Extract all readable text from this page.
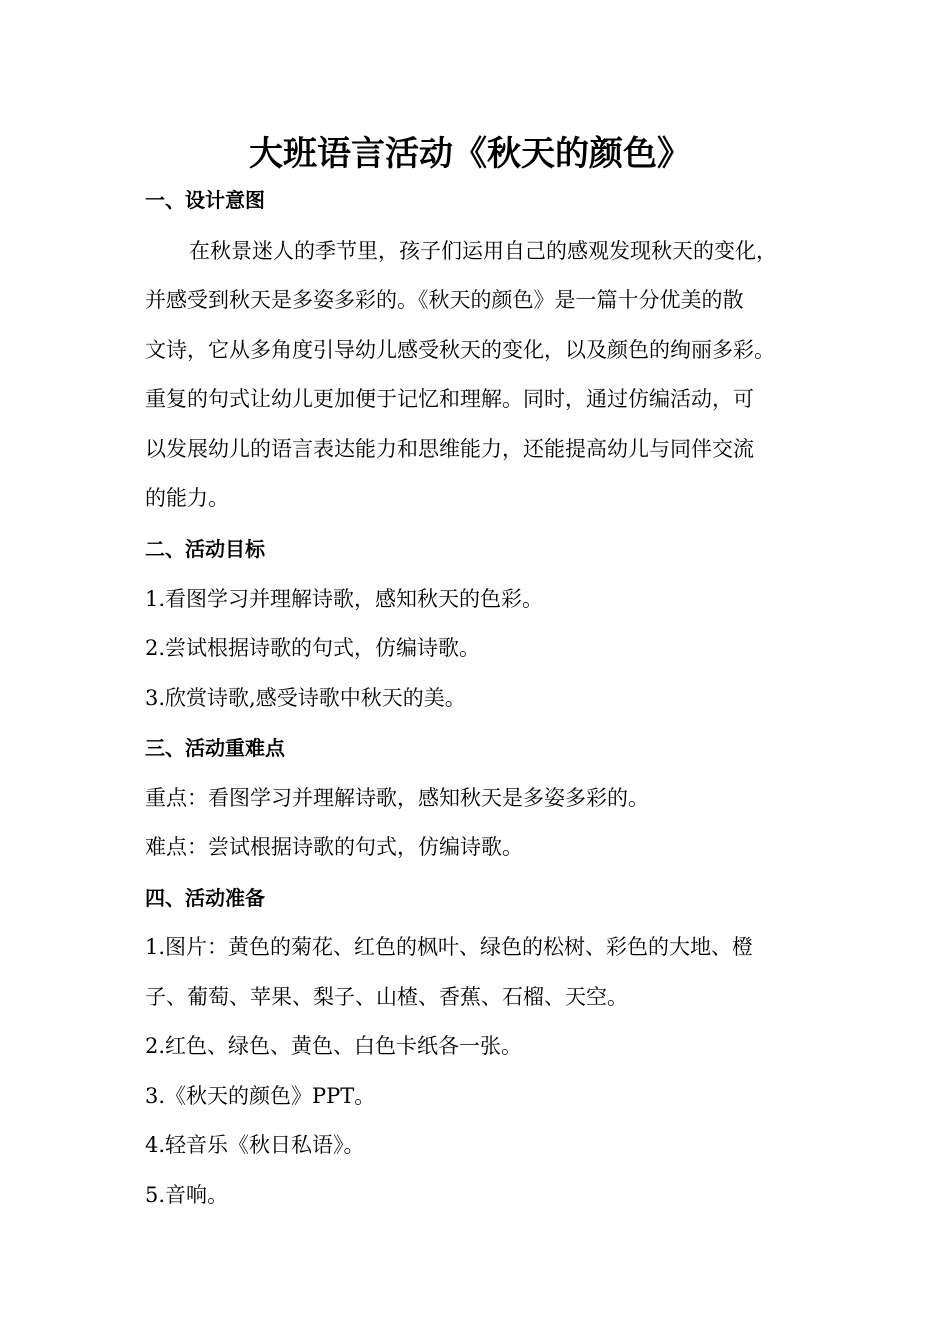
大班语言活动《秋天的颜色》
一、设计意图
在秋景迷人的季节里，孩子们运用自己的感观发现秋天的变化，
并感受到秋天是多姿多彩的。《秋天的颜色》是一篇十分优美的散
文诗，它从多角度引导幼儿感受秋天的变化，以及颜色的绚丽多彩。
重复的句式让幼儿更加便于记忆和理解。同时，通过仿编活动，可
以发展幼儿的语言表达能力和思维能力，还能提高幼儿与同伴交流
的能力。
二、活动目标
1.看图学习并理解诗歌，感知秋天的色彩。
2.尝试根据诗歌的句式，仿编诗歌。
3.欣赏诗歌,感受诗歌中秋天的美。
三、活动重难点
重点：看图学习并理解诗歌，感知秋天是多姿多彩的。
难点：尝试根据诗歌的句式，仿编诗歌。
四、活动准备
1.图片：黄色的菊花、红色的枫叶、绿色的松树、彩色的大地、橙
子、葡萄、苹果、梨子、山楂、香蕉、石榴、天空。
2.红色、绿色、黄色、白色卡纸各一张。
3.《秋天的颜色》PPT。
4.轻音乐《秋日私语》。
5.音响。
